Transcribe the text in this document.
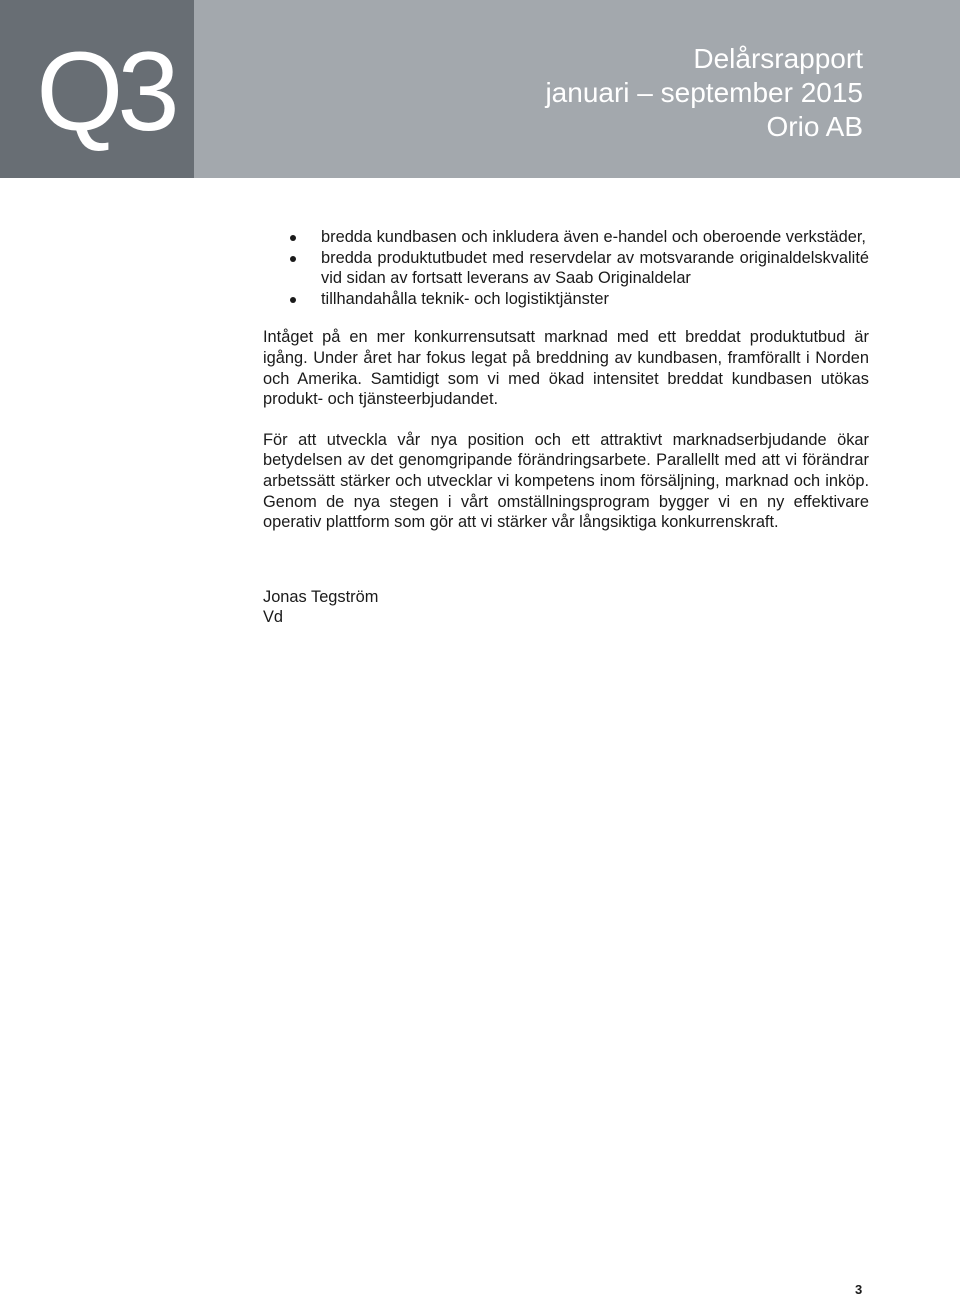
Q3	Delårsrapport
januari – september 2015
Orio AB
bredda kundbasen och inkludera även e-handel och oberoende verkstäder,
bredda produktutbudet med reservdelar av motsvarande originaldelskvalité vid sidan av fortsatt leverans av Saab Originaldelar
tillhandahålla teknik- och logistiktjänster

Intåget på en mer konkurrensutsatt marknad med ett breddat produktutbud är igång. Under året har fokus legat på breddning av kundbasen, framförallt i Norden och Amerika. Samtidigt som vi med ökad intensitet breddat kundbasen utökas produkt- och tjänsteerbjudandet.

För att utveckla vår nya position och ett attraktivt marknadserbjudande ökar betydelsen av det genomgripande förändringsarbete. Parallellt med att vi förändrar arbetssätt stärker och utvecklar vi kompetens inom försäljning, marknad och inköp. Genom de nya stegen i vårt omställningsprogram bygger vi en ny effektivare operativ plattform som gör att vi stärker vår långsiktiga konkurrenskraft.

Jonas Tegström
Vd
3
